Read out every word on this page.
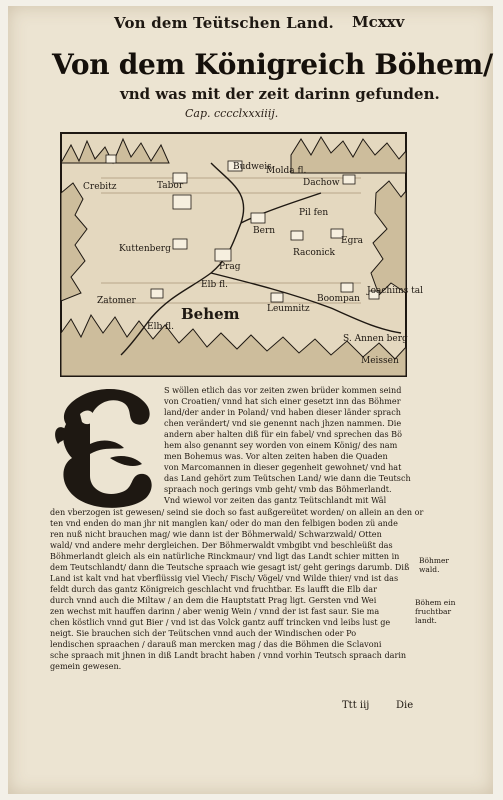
Von dem Teütschen Land. Mcxxv
Von dem Königreich Böhem/
vnd was mit der zeit darinn gefunden.
Cap. cccclxxxiiij.
Budweis
Molda fl.
Tabor
Crebitz	Dachow
Pil fen
Bern
Egra
Kuttenberg
Prag
Raconick
Elb fl.
Zatomer
Behem	Leumnitz
Boompan
Joachims tal
Elb fl.
S. Annen berg
Meissen
S wöllen etlich das vor zeiten zwen brüder kommen seind
von Croatien/ vnnd hat sich einer gesetzt inn das Böhmer
land/der ander in Poland/ vnd haben dieser länder sprach
chen verändert/ vnd sie genennt nach jhzen nammen. Die
andern aber halten diß für ein fabel/ vnd sprechen das Bö
hem also genannt sey worden von einem König/ des nam
men Bohemus was. Vor alten zeiten haben die Quaden
von Marcomannen in dieser gegenheit gewohnet/ vnd hat
das Land gehört zum Teütschen Land/ wie dann die Teutsch
spraach noch gerings vmb geht/ vmb das Böhmerlandt.
Vnd wiewol vor zeiten das gantz Teütschlandt mit Wäl
den vberzogen ist gewesen/ seind sie doch so fast außgereütet worden/ on allein an den or
ten vnd enden do man jhr nit manglen kan/ oder do man den felbigen boden zü ande
ren nuß nicht brauchen mag/ wie dann ist der Böhmerwald/ Schwarzwald/ Otten
wald/ vnd andere mehr dergleichen. Der Böhmerwaldt vmbgibt vnd beschleüßt das
Böhmerlandt gleich als ein natürliche Rinckmaur/ vnd ligt das Landt schier mitten in
dem Teutschlandt/ dann die Teutsche spraach wie gesagt ist/ geht gerings darumb. Diß
Land ist kalt vnd hat vberflüssig viel Viech/ Fisch/ Vögel/ vnd Wilde thier/ vnd ist das
feldt durch das gantz Königreich geschlacht vnd fruchtbar. Es laufft die Elb dar
durch vnnd auch die Miltaw / an dem die Hauptstatt Prag ligt. Gersten vnd Wei
zen wechst mit hauffen darinn / aber wenig Wein / vnnd der ist fast saur. Sie ma
chen köstlich vnnd gut Bier / vnd ist das Volck gantz auff trincken vnd leibs lust ge
neigt. Sie brauchen sich der Teütschen vnnd auch der Windischen oder Po
lendischen spraachen / darauß man mercken mag / das die Böhmen die Sclavoni
sche spraach mit jhnen in diß Landt bracht haben / vnnd vorhin Teutsch spraach darin
gemein gewesen.
Böhmer wald.
Böhem ein fruchtbar landt.
Ttt iij	Die
